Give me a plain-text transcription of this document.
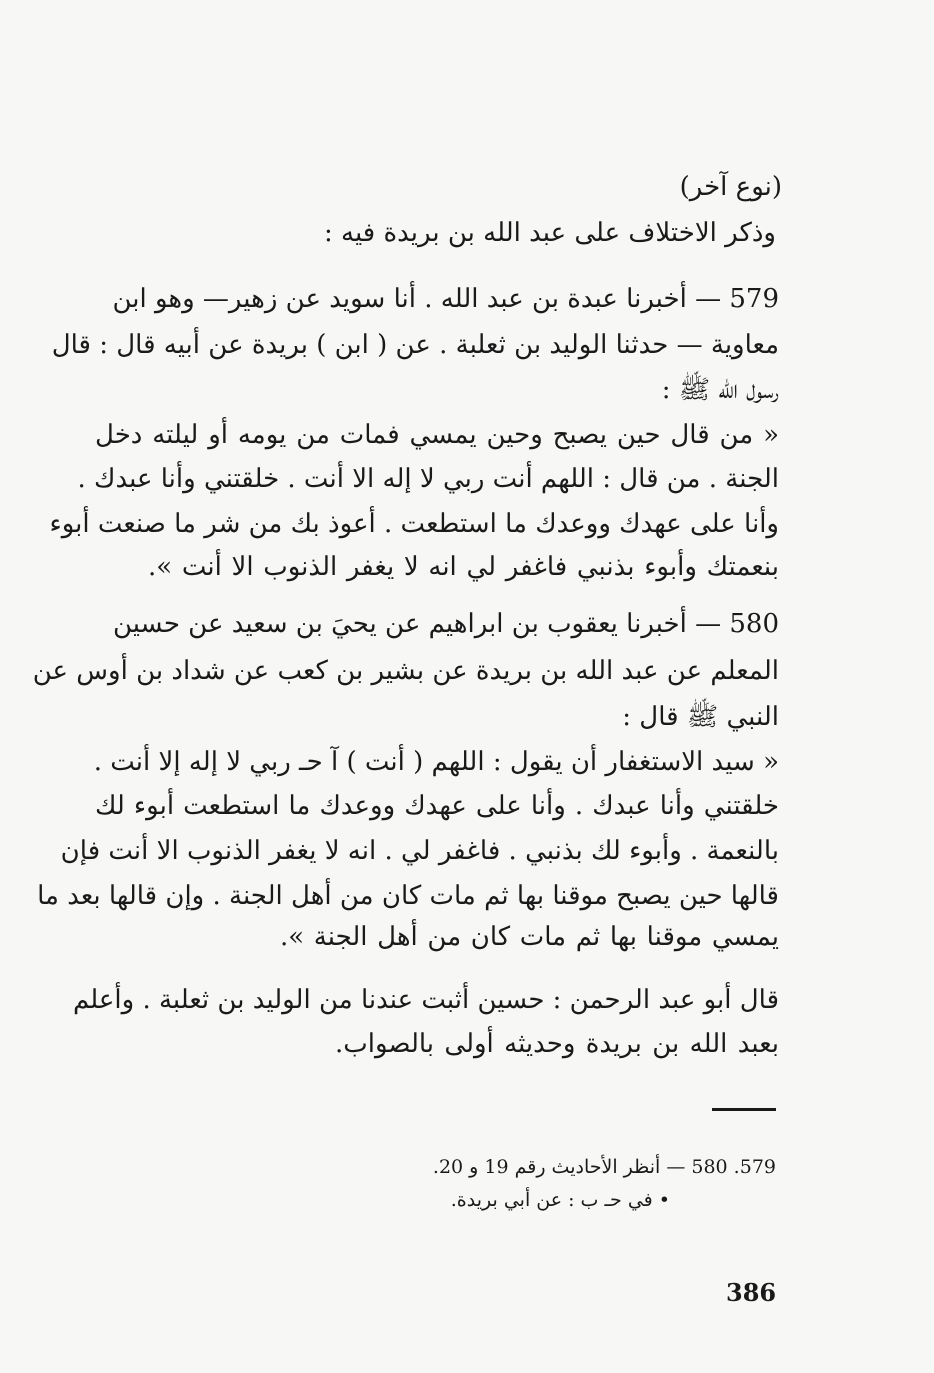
(نوع آخر)
وذكر الاختلاف على عبد الله بن بريدة فيه :
579 — أخبرنا عبدة بن عبد الله . أنا سويد عن زهير— وهو ابن
معاوية — حدثنا الوليد بن ثعلبة . عن ( ابن ) بريدة عن أبيه قال : قال
رسول الله ﷺ :
« من قال حين يصبح وحين يمسي فمات من يومه أو ليلته دخل
الجنة . من قال : اللهم أنت ربي لا إله الا أنت . خلقتني وأنا عبدك .
وأنا على عهدك ووعدك ما استطعت . أعوذ بك من شر ما صنعت أبوء
بنعمتك وأبوء بذنبي فاغفر لي انه لا يغفر الذنوب الا أنت ».
580 — أخبرنا يعقوب بن ابراهيم عن يحيَ بن سعيد عن حسين
المعلم عن عبد الله بن بريدة عن بشير بن كعب عن شداد بن أوس عن
النبي ﷺ قال :
« سيد الاستغفار أن يقول : اللهم ( أنت ) آ حـ ربي لا إله إلا أنت .
خلقتني وأنا عبدك . وأنا على عهدك ووعدك ما استطعت أبوء لك
بالنعمة . وأبوء لك بذنبي . فاغفر لي . انه لا يغفر الذنوب الا أنت فإن
قالها حين يصبح موقنا بها ثم مات كان من أهل الجنة . وإن قالها بعد ما
يمسي موقنا بها ثم مات كان من أهل الجنة ».
قال أبو عبد الرحمن : حسين أثبت عندنا من الوليد بن ثعلبة . وأعلم
بعبد الله بن بريدة وحديثه أولى بالصواب.
579. 580 — أنظر الأحاديث رقم 19 و 20.
• في حـ ب : عن أبي بريدة.
386
